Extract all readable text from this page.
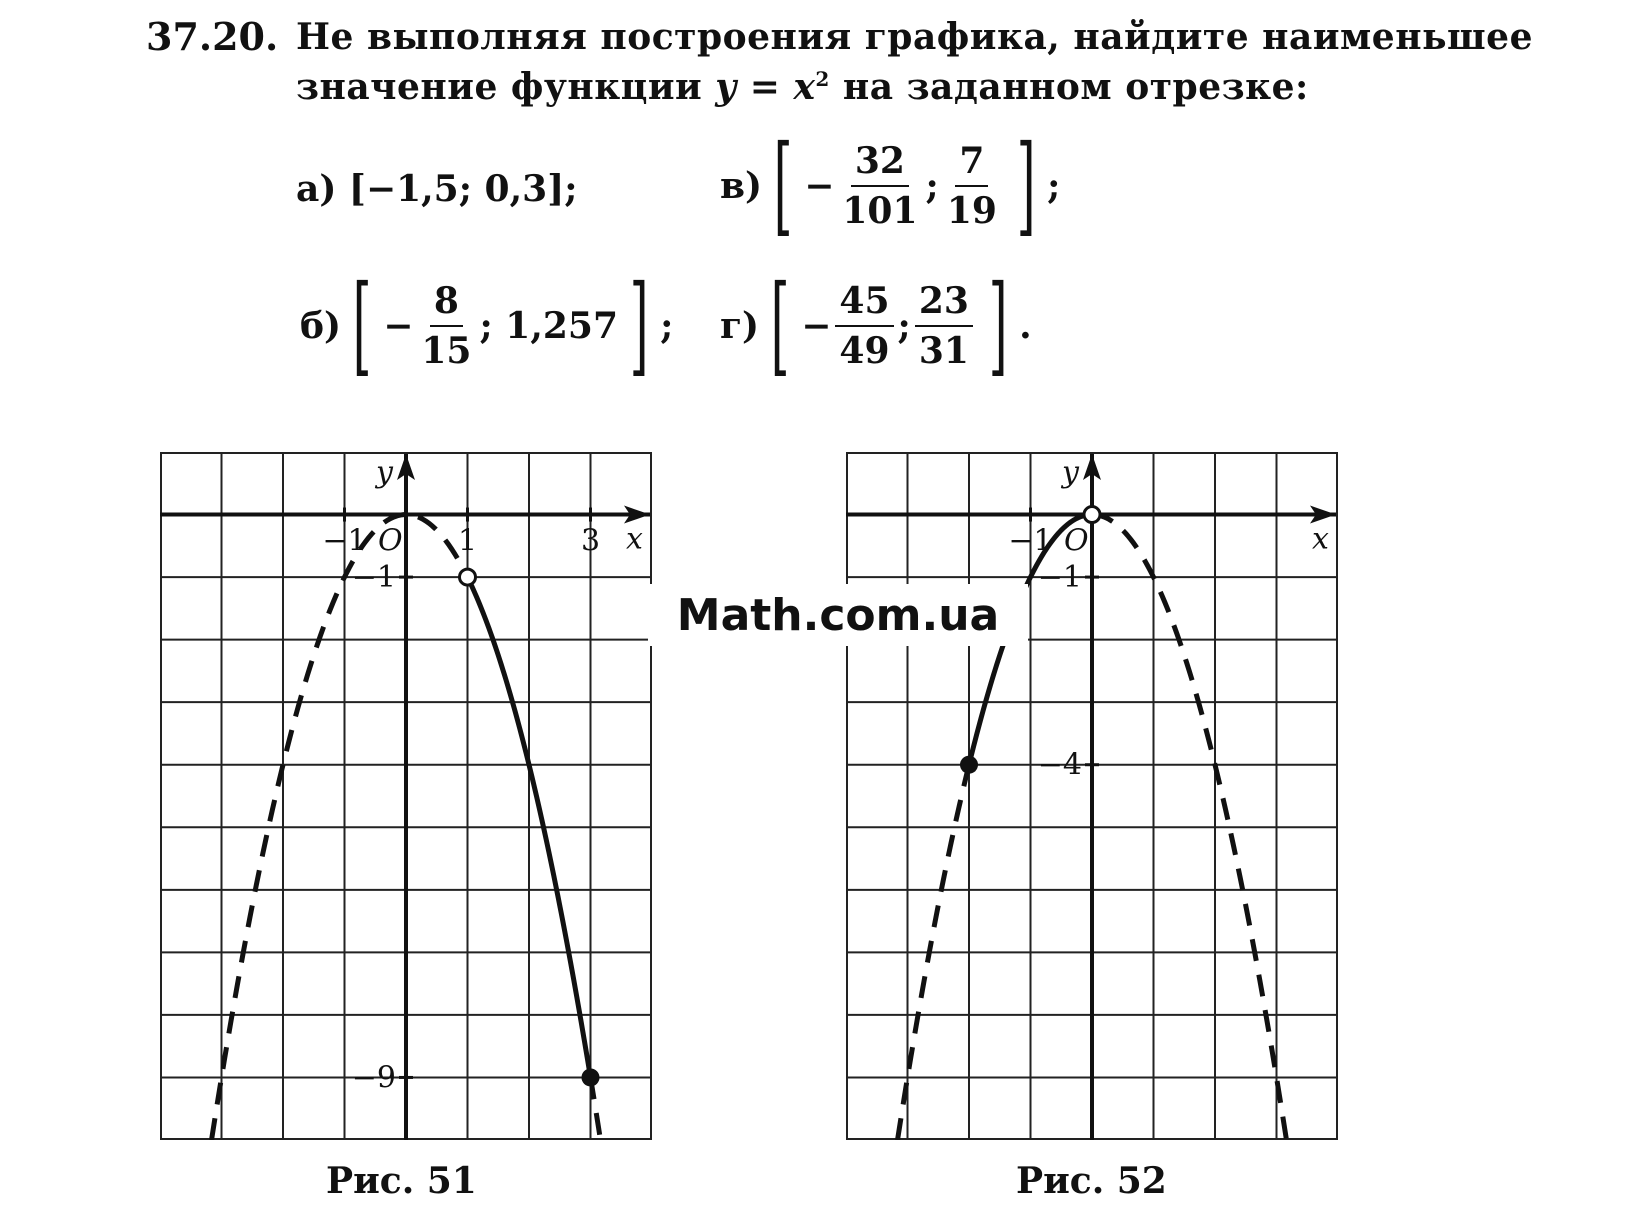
37.20. Не выполняя построения графика, найдите наименьшее
значение функции $y = x^2$ на заданном отрезке:
а)
[−1,5; 0,3];	в) [ − $\frac{32}{101}$ ; $\frac{7}{19}$ ] ;
б) [ − $\frac{8}{15}$ ; 1,257 ] ; г) [ − $\frac{45}{49}$ ; $\frac{23}{31}$ ] .
x
y
O
−1	1	3
−1
−9
x
y
O
−1
−1
−4
Рис. 51	Рис. 52
Math.com.ua
